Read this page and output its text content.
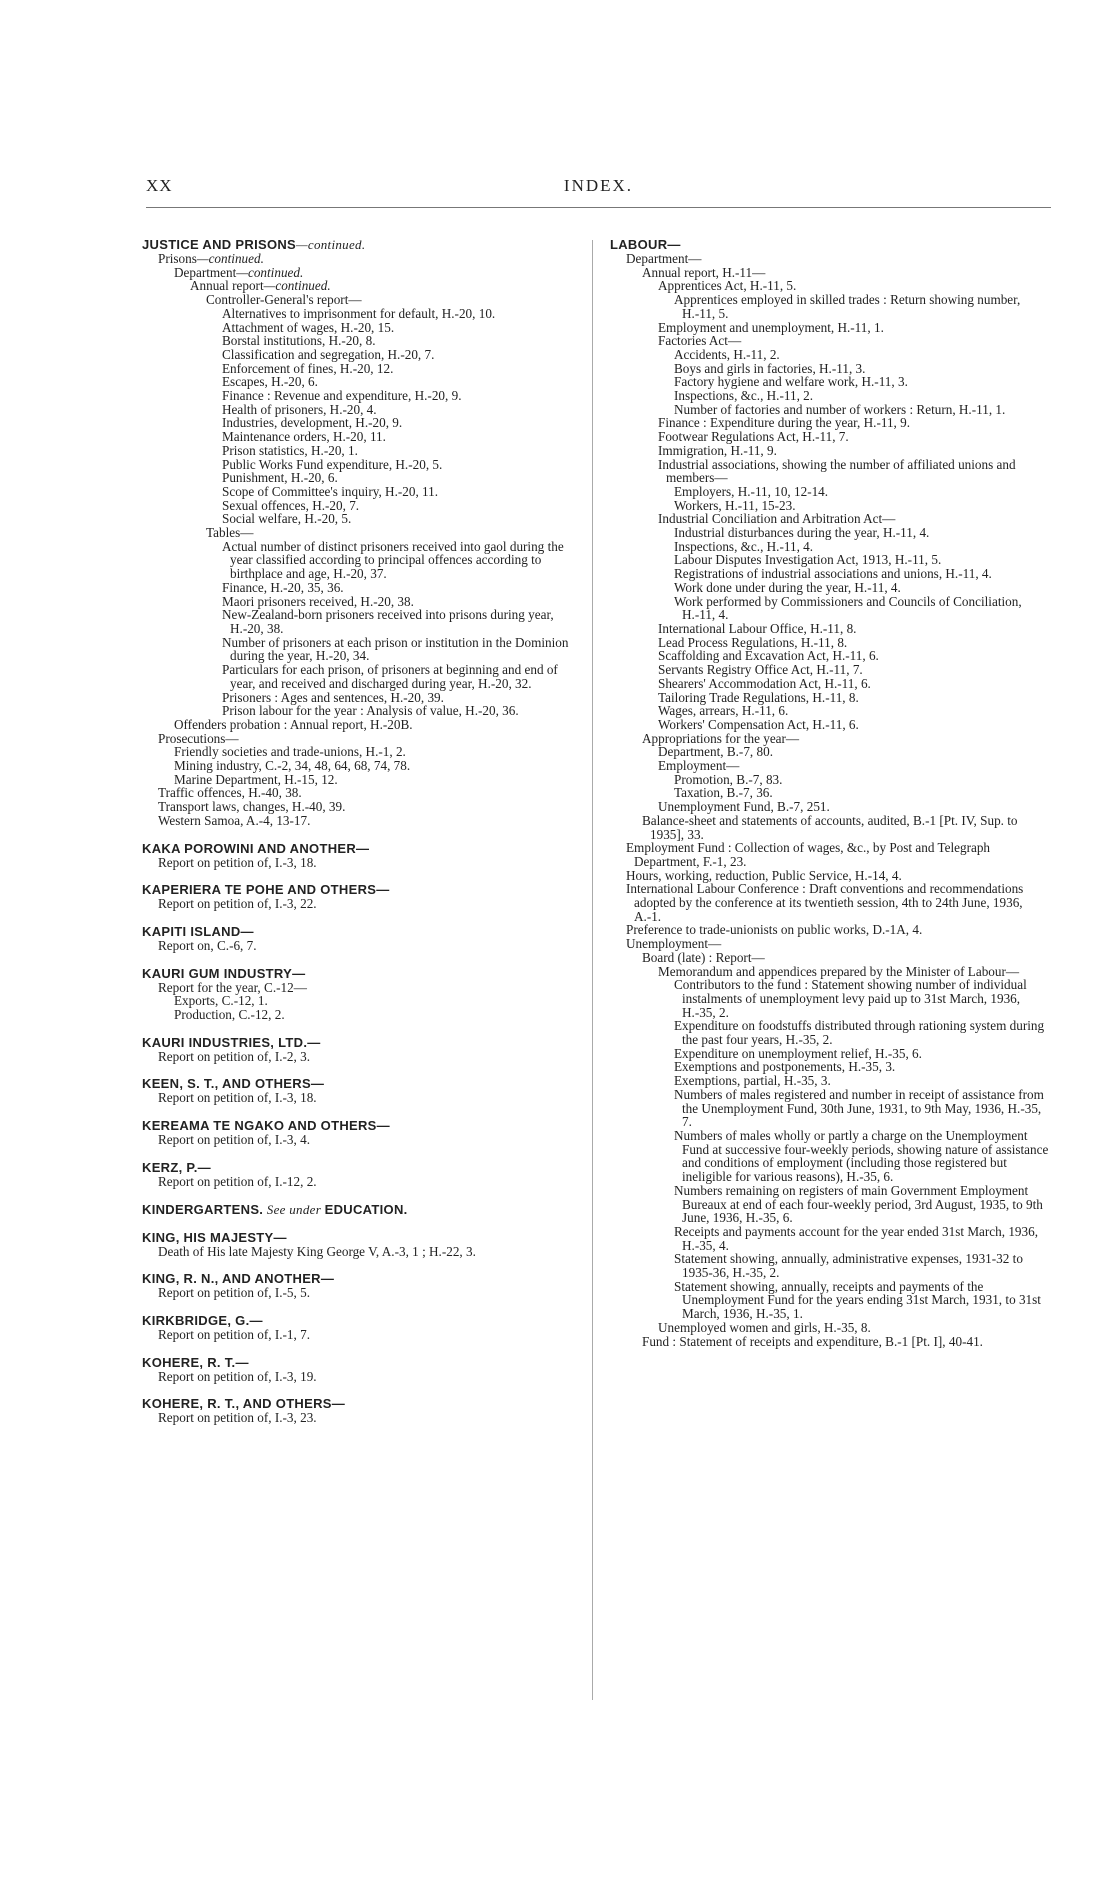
XX	INDEX.
JUSTICE AND PRISONS—continued.
Prisons—continued.
Department—continued.
Annual report—continued.
Controller-General's report—
Alternatives to imprisonment for default, H.-20, 10.
Attachment of wages, H.-20, 15.
Borstal institutions, H.-20, 8.
Classification and segregation, H.-20, 7.
Enforcement of fines, H.-20, 12.
Escapes, H.-20, 6.
Finance : Revenue and expenditure, H.-20, 9.
Health of prisoners, H.-20, 4.
Industries, development, H.-20, 9.
Maintenance orders, H.-20, 11.
Prison statistics, H.-20, 1.
Public Works Fund expenditure, H.-20, 5.
Punishment, H.-20, 6.
Scope of Committee's inquiry, H.-20, 11.
Sexual offences, H.-20, 7.
Social welfare, H.-20, 5.
Tables—
Actual number of distinct prisoners received into gaol during the year classified according to principal offences according to birthplace and age, H.-20, 37.
Finance, H.-20, 35, 36.
Maori prisoners received, H.-20, 38.
New-Zealand-born prisoners received into prisons during year, H.-20, 38.
Number of prisoners at each prison or institution in the Dominion during the year, H.-20, 34.
Particulars for each prison, of prisoners at beginning and end of year, and received and discharged during year, H.-20, 32.
Prisoners : Ages and sentences, H.-20, 39.
Prison labour for the year : Analysis of value, H.-20, 36.
Offenders probation : Annual report, H.-20B.
Prosecutions—
Friendly societies and trade-unions, H.-1, 2.
Mining industry, C.-2, 34, 48, 64, 68, 74, 78.
Marine Department, H.-15, 12.
Traffic offences, H.-40, 38.
Transport laws, changes, H.-40, 39.
Western Samoa, A.-4, 13-17.
KAKA POROWINI AND ANOTHER—
Report on petition of, I.-3, 18.
KAPERIERA TE POHE AND OTHERS—
Report on petition of, I.-3, 22.
KAPITI ISLAND—
Report on, C.-6, 7.
KAURI GUM INDUSTRY—
Report for the year, C.-12—
Exports, C.-12, 1.
Production, C.-12, 2.
KAURI INDUSTRIES, LTD.—
Report on petition of, I.-2, 3.
KEEN, S. T., AND OTHERS—
Report on petition of, I.-3, 18.
KEREAMA TE NGAKO AND OTHERS—
Report on petition of, I.-3, 4.
KERZ, P.—
Report on petition of, I.-12, 2.
KINDERGARTENS. See under EDUCATION.
KING, HIS MAJESTY—
Death of His late Majesty King George V, A.-3, 1 ; H.-22, 3.
KING, R. N., AND ANOTHER—
Report on petition of, I.-5, 5.
KIRKBRIDGE, G.—
Report on petition of, I.-1, 7.
KOHERE, R. T.—
Report on petition of, I.-3, 19.
KOHERE, R. T., AND OTHERS—
Report on petition of, I.-3, 23.
LABOUR—
Department—
Annual report, H.-11—
Apprentices Act, H.-11, 5.
Apprentices employed in skilled trades : Return showing number, H.-11, 5.
Employment and unemployment, H.-11, 1.
Factories Act—
Accidents, H.-11, 2.
Boys and girls in factories, H.-11, 3.
Factory hygiene and welfare work, H.-11, 3.
Inspections, &c., H.-11, 2.
Number of factories and number of workers : Return, H.-11, 1.
Finance : Expenditure during the year, H.-11, 9.
Footwear Regulations Act, H.-11, 7.
Immigration, H.-11, 9.
Industrial associations, showing the number of affiliated unions and members—
Employers, H.-11, 10, 12-14.
Workers, H.-11, 15-23.
Industrial Conciliation and Arbitration Act—
Industrial disturbances during the year, H.-11, 4.
Inspections, &c., H.-11, 4.
Labour Disputes Investigation Act, 1913, H.-11, 5.
Registrations of industrial associations and unions, H.-11, 4.
Work done under during the year, H.-11, 4.
Work performed by Commissioners and Councils of Conciliation, H.-11, 4.
International Labour Office, H.-11, 8.
Lead Process Regulations, H.-11, 8.
Scaffolding and Excavation Act, H.-11, 6.
Servants Registry Office Act, H.-11, 7.
Shearers' Accommodation Act, H.-11, 6.
Tailoring Trade Regulations, H.-11, 8.
Wages, arrears, H.-11, 6.
Workers' Compensation Act, H.-11, 6.
Appropriations for the year—
Department, B.-7, 80.
Employment—
Promotion, B.-7, 83.
Taxation, B.-7, 36.
Unemployment Fund, B.-7, 251.
Balance-sheet and statements of accounts, audited, B.-1 [Pt. IV, Sup. to 1935], 33.
Employment Fund : Collection of wages, &c., by Post and Telegraph Department, F.-1, 23.
Hours, working, reduction, Public Service, H.-14, 4.
International Labour Conference : Draft conventions and recommendations adopted by the conference at its twentieth session, 4th to 24th June, 1936, A.-1.
Preference to trade-unionists on public works, D.-1A, 4.
Unemployment—
Board (late) : Report—
Memorandum and appendices prepared by the Minister of Labour—
Contributors to the fund : Statement showing number of individual instalments of unemployment levy paid up to 31st March, 1936, H.-35, 2.
Expenditure on foodstuffs distributed through rationing system during the past four years, H.-35, 2.
Expenditure on unemployment relief, H.-35, 6.
Exemptions and postponements, H.-35, 3.
Exemptions, partial, H.-35, 3.
Numbers of males registered and number in receipt of assistance from the Unemployment Fund, 30th June, 1931, to 9th May, 1936, H.-35, 7.
Numbers of males wholly or partly a charge on the Unemployment Fund at successive four-weekly periods, showing nature of assistance and conditions of employment (including those registered but ineligible for various reasons), H.-35, 6.
Numbers remaining on registers of main Government Employment Bureaux at end of each four-weekly period, 3rd August, 1935, to 9th June, 1936, H.-35, 6.
Receipts and payments account for the year ended 31st March, 1936, H.-35, 4.
Statement showing, annually, administrative expenses, 1931-32 to 1935-36, H.-35, 2.
Statement showing, annually, receipts and payments of the Unemployment Fund for the years ending 31st March, 1931, to 31st March, 1936, H.-35, 1.
Unemployed women and girls, H.-35, 8.
Fund : Statement of receipts and expenditure, B.-1 [Pt. I], 40-41.
